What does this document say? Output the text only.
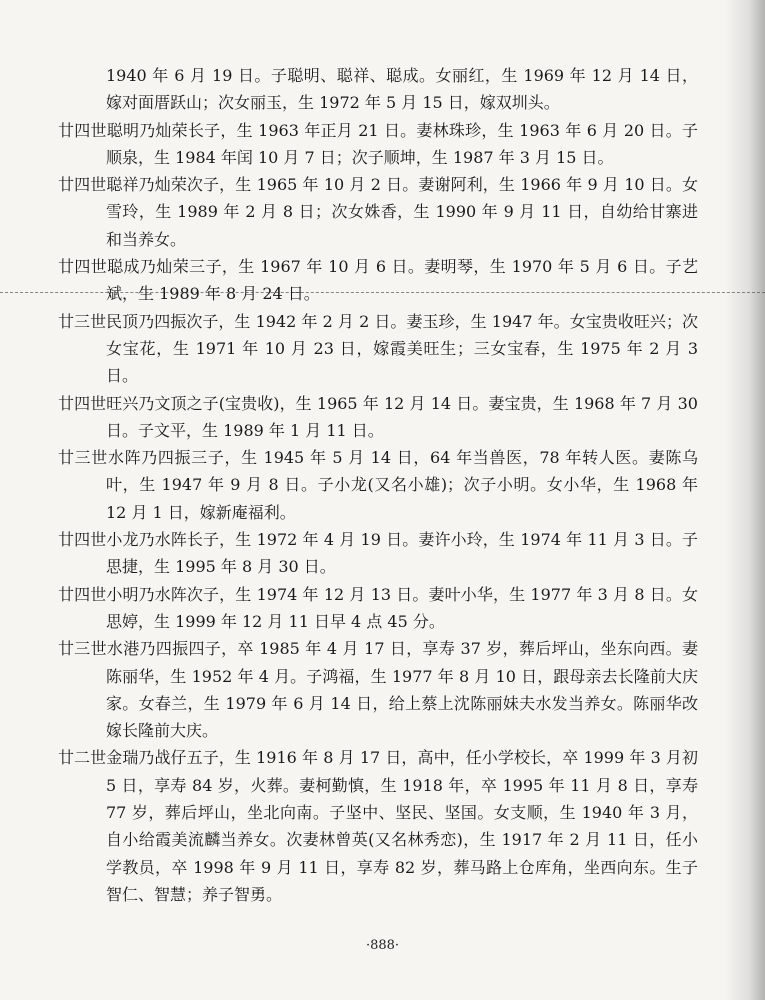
1940 年 6 月 19 日。子聪明、聪祥、聪成。女丽红，生 1969 年 12 月 14 日，嫁对面厝跃山；次女丽玉，生 1972 年 5 月 15 日，嫁双圳头。
廿四世聪明乃灿荣长子，生 1963 年正月 21 日。妻林珠珍，生 1963 年 6 月 20 日。子顺泉，生 1984 年闰 10 月 7 日；次子顺坤，生 1987 年 3 月 15 日。
廿四世聪祥乃灿荣次子，生 1965 年 10 月 2 日。妻谢阿利，生 1966 年 9 月 10 日。女雪玲，生 1989 年 2 月 8 日；次女姝香，生 1990 年 9 月 11 日，自幼给甘寨进和当养女。
廿四世聪成乃灿荣三子，生 1967 年 10 月 6 日。妻明琴，生 1970 年 5 月 6 日。子艺斌，生 1989 年 8 月 24 日。
廿三世民顶乃四振次子，生 1942 年 2 月 2 日。妻玉珍，生 1947 年。女宝贵收旺兴；次女宝花，生 1971 年 10 月 23 日，嫁霞美旺生；三女宝春，生 1975 年 2 月 3 日。
廿四世旺兴乃文顶之子(宝贵收)，生 1965 年 12 月 14 日。妻宝贵，生 1968 年 7 月 30 日。子文平，生 1989 年 1 月 11 日。
廿三世水阵乃四振三子，生 1945 年 5 月 14 日，64 年当兽医，78 年转人医。妻陈乌叶，生 1947 年 9 月 8 日。子小龙(又名小雄)；次子小明。女小华，生 1968 年 12 月 1 日，嫁新庵福利。
廿四世小龙乃水阵长子，生 1972 年 4 月 19 日。妻许小玲，生 1974 年 11 月 3 日。子思捷，生 1995 年 8 月 30 日。
廿四世小明乃水阵次子，生 1974 年 12 月 13 日。妻叶小华，生 1977 年 3 月 8 日。女思婷，生 1999 年 12 月 11 日早 4 点 45 分。
廿三世水港乃四振四子，卒 1985 年 4 月 17 日，享寿 37 岁，葬后坪山，坐东向西。妻陈丽华，生 1952 年 4 月。子鸿福，生 1977 年 8 月 10 日，跟母亲去长隆前大庆家。女春兰，生 1979 年 6 月 14 日，给上蔡上沈陈丽妹夫水发当养女。陈丽华改嫁长隆前大庆。
廿二世金瑞乃战仔五子，生 1916 年 8 月 17 日，高中，任小学校长，卒 1999 年 3 月初 5 日，享寿 84 岁，火葬。妻柯勤慎，生 1918 年，卒 1995 年 11 月 8 日，享寿 77 岁，葬后坪山，坐北向南。子坚中、坚民、坚国。女支顺，生 1940 年 3 月，自小给霞美流麟当养女。次妻林曾英(又名林秀恋)，生 1917 年 2 月 11 日，任小学教员，卒 1998 年 9 月 11 日，享寿 82 岁，葬马路上仓库角，坐西向东。生子智仁、智慧；养子智勇。
·888·
